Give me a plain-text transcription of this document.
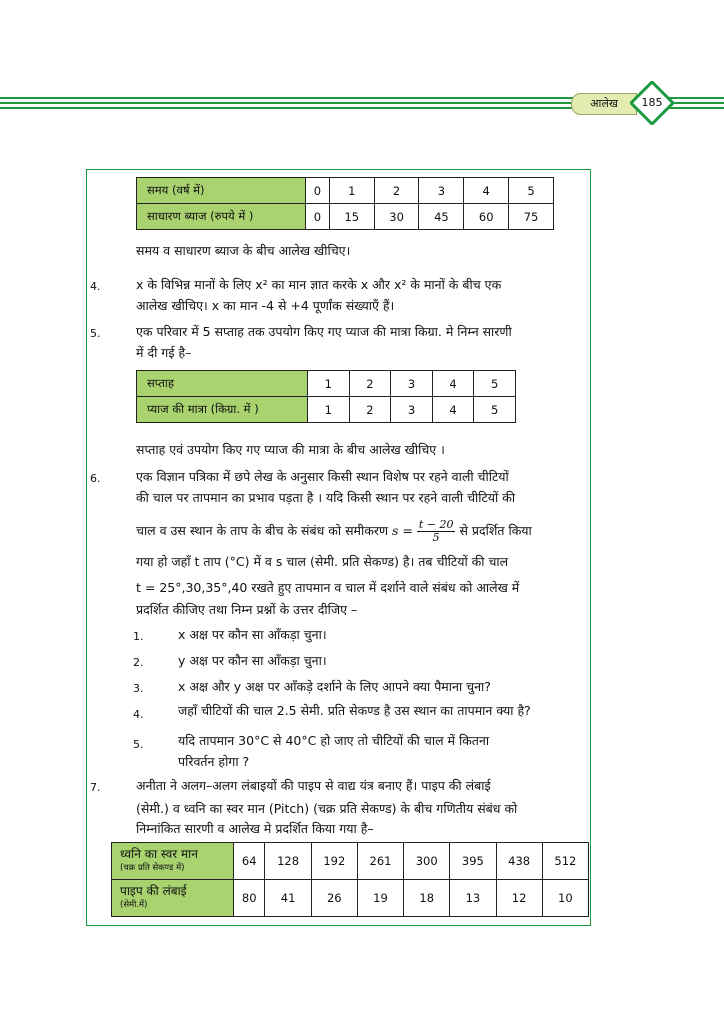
आलेख	185
समय (वर्ष में)	0	1	2	3	4	5
साधारण ब्याज (रुपये में )	0	15	30	45	60	75
समय व साधारण ब्याज के बीच आलेख खीचिए।
4.	x के विभिन्न मानों के लिए x² का मान ज्ञात करके x और x² के मानों के बीच एक
आलेख खीचिए। x का मान -4 से +4 पूर्णांक संख्याएँ हैं।
5.	एक परिवार में 5 सप्ताह तक उपयोग किए गए प्याज की मात्रा किग्रा. मे निम्न सारणी
में दी गई है–
सप्ताह	1	2	3	4	5
प्याज की मात्रा (किग्रा. में )	1	2	3	4	5
सप्ताह एवं उपयोग किए गए प्याज की मात्रा के बीच आलेख खीचिए ।
6.	एक विज्ञान पत्रिका में छपे लेख के अनुसार किसी स्थान विशेष पर रहने वाली चीटियों
की चाल पर तापमान का प्रभाव पड़ता है । यदि किसी स्थान पर रहने वाली चीटियों की
चाल व उस स्थान के ताप के बीच के संबंध को समीकरण $s = \frac{t - 20}{5}$ से प्रदर्शित किया
गया हो जहाँ t ताप (°C) में व s चाल (सेमी. प्रति सेकण्ड) है। तब चीटियों की चाल
t = 25°,30,35°,40 रखते हुए तापमान व चाल में दर्शाने वाले संबंध को आलेख में
प्रदर्शित कीजिए तथा निम्न प्रश्नों के उत्तर दीजिए –
1.	x अक्ष पर कौन सा आँकड़ा चुना।
2.	y अक्ष पर कौन सा आँकड़ा चुना।
3.	x अक्ष और y अक्ष पर आँकड़े दर्शाने के लिए आपने क्या पैमाना चुना?
4.	जहाँ चीटियों की चाल 2.5 सेमी. प्रति सेकण्ड है उस स्थान का तापमान क्या है?
5.	यदि तापमान 30°C से 40°C हो जाए तो चीटियों की चाल में कितना
परिवर्तन होगा ?
7.	अनीता ने अलग–अलग लंबाइयों की पाइप से वाद्य यंत्र बनाए हैं। पाइप की लंबाई
(सेमी.) व ध्वनि का स्वर मान (Pitch) (चक्र प्रति सेकण्ड) के बीच गणितीय संबंध को
निम्नांकित सारणी व आलेख मे प्रदर्शित किया गया है–
ध्वनि का स्वर मान
(चक्र प्रति सेकण्ड में)	64	128	192	261	300	395	438	512
पाइप की लंबाई
(सेमी.में)	80	41	26	19	18	13	12	10
